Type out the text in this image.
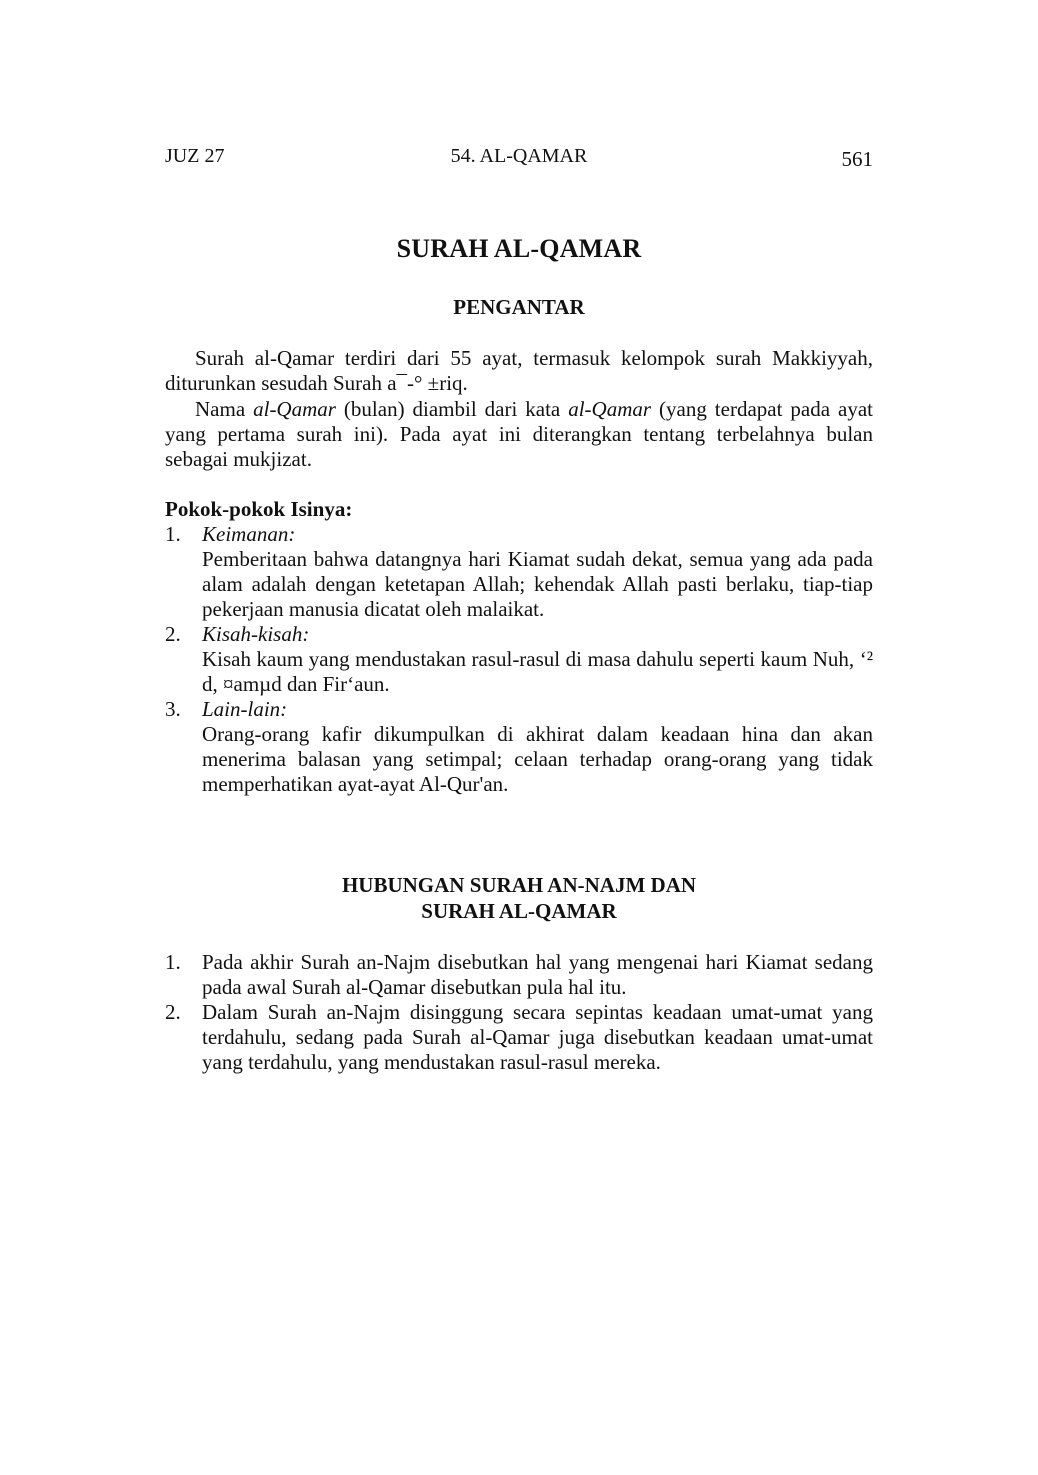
JUZ 27	54. AL-QAMAR	561
SURAH AL-QAMAR
PENGANTAR

Surah al-Qamar terdiri dari 55 ayat, termasuk kelompok surah Makkiyyah, diturunkan sesudah Surah a¯-° ±riq.

Nama al-Qamar (bulan) diambil dari kata al-Qamar (yang terdapat pada ayat yang pertama surah ini). Pada ayat ini diterangkan tentang terbelahnya bulan sebagai mukjizat.

Pokok-pokok Isinya:
1. Keimanan:
Pemberitaan bahwa datangnya hari Kiamat sudah dekat, semua yang ada pada alam adalah dengan ketetapan Allah; kehendak Allah pasti berlaku, tiap-tiap pekerjaan manusia dicatat oleh malaikat.
2. Kisah-kisah:
Kisah kaum yang mendustakan rasul-rasul di masa dahulu seperti kaum Nuh, ‘² d, ¤amµd dan Fir‘aun.
3. Lain-lain:
Orang-orang kafir dikumpulkan di akhirat dalam keadaan hina dan akan menerima balasan yang setimpal; celaan terhadap orang-orang yang tidak memperhatikan ayat-ayat Al-Qur'an.
HUBUNGAN SURAH AN-NAJM DAN
SURAH AL-QAMAR
1. Pada akhir Surah an-Najm disebutkan hal yang mengenai hari Kiamat sedang pada awal Surah al-Qamar disebutkan pula hal itu.
2. Dalam Surah an-Najm disinggung secara sepintas keadaan umat-umat yang terdahulu, sedang pada Surah al-Qamar juga disebutkan keadaan umat-umat yang terdahulu, yang mendustakan rasul-rasul mereka.
